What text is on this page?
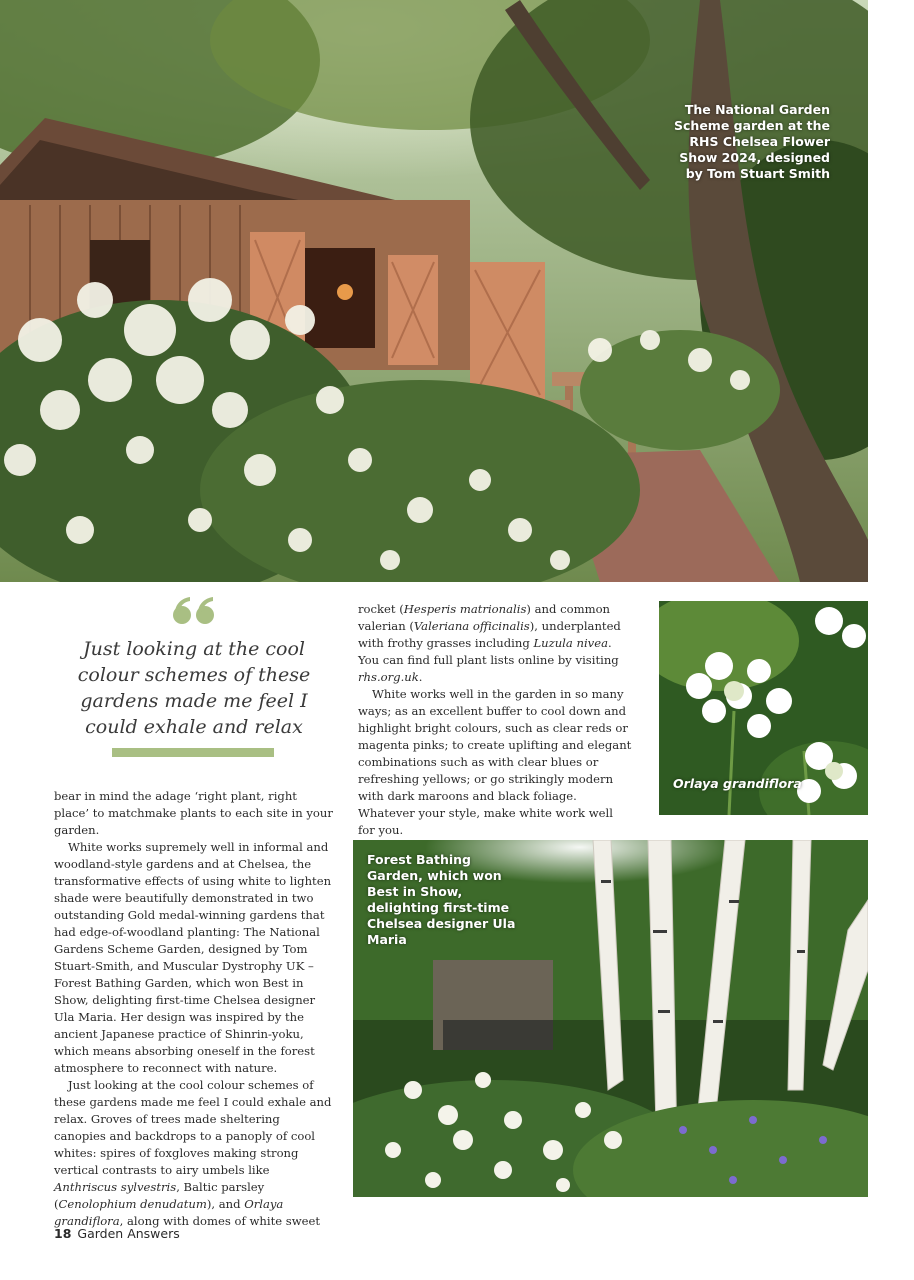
The National Garden Scheme garden at the RHS Chelsea Flower Show 2024, designed by Tom Stuart Smith
Just looking at the cool colour schemes of these gardens made me feel I could exhale and relax

bear in mind the adage ‘right plant, right place’ to matchmake plants to each site in your garden.

White works supremely well in informal and woodland-style gardens and at Chelsea, the transformative effects of using white to lighten shade were beautifully demonstrated in two outstanding Gold medal-winning gardens that had edge-of-woodland planting: The National Gardens Scheme Garden, designed by Tom Stuart-Smith, and Muscular Dystrophy UK – Forest Bathing Garden, which won Best in Show, delighting first-time Chelsea designer Ula Maria. Her design was inspired by the ancient Japanese practice of Shinrin-yoku, which means absorbing oneself in the forest atmosphere to reconnect with nature.

Just looking at the cool colour schemes of these gardens made me feel I could exhale and relax. Groves of trees made sheltering canopies and backdrops to a panoply of cool whites: spires of foxgloves making strong vertical contrasts to airy umbels like Anthriscus sylvestris, Baltic parsley (Cenolophium denudatum), and Orlaya grandiflora, along with domes of white sweet

rocket (Hesperis matrionalis) and common valerian (Valeriana officinalis), underplanted with frothy grasses including Luzula nivea. You can find full plant lists online by visiting rhs.org.uk.

White works well in the garden in so many ways; as an excellent buffer to cool down and highlight bright colours, such as clear reds or magenta pinks; to create uplifting and elegant combinations such as with clear blues or refreshing yellows; or go strikingly modern with dark maroons and black foliage. Whatever your style, make white work well for you.

Orlaya grandiflora
Forest Bathing Garden, which won Best in Show, delighting first-time Chelsea designer Ula Maria
18 Garden Answers
